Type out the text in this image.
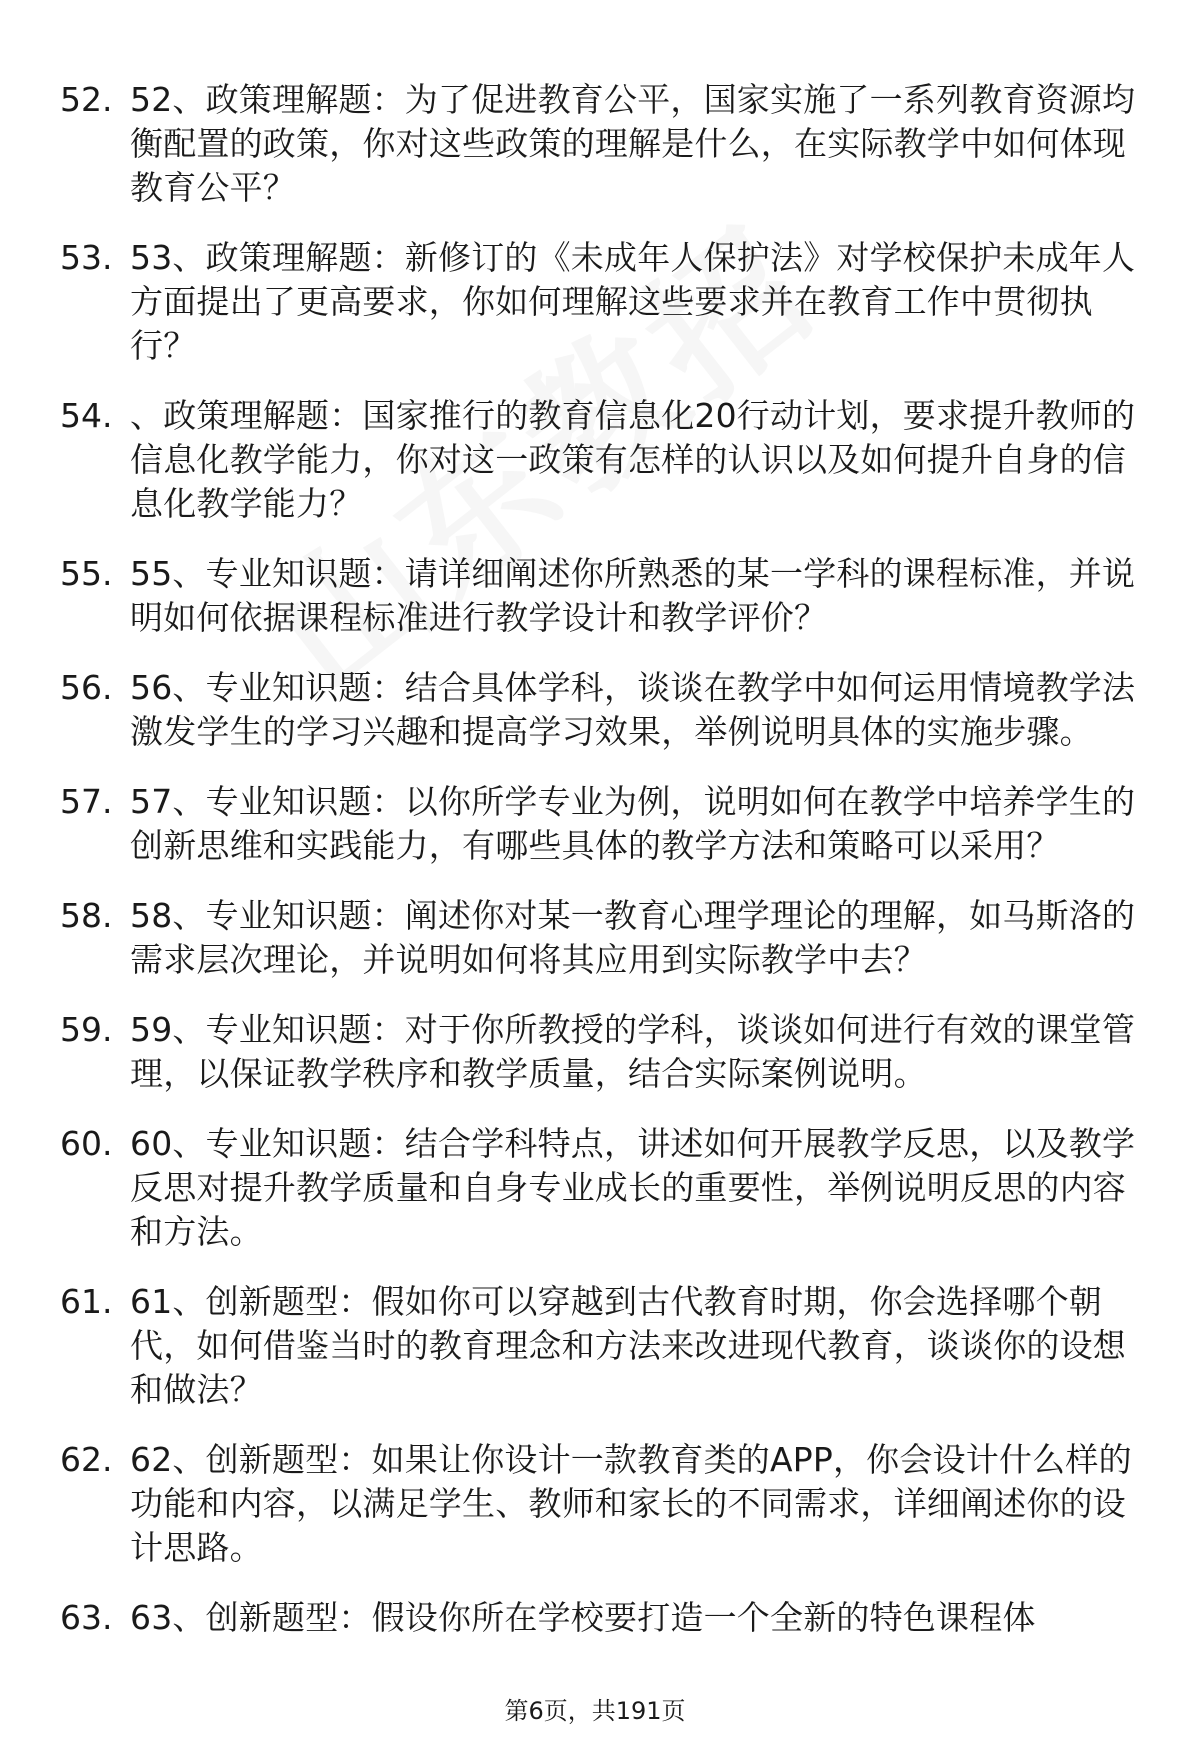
52. 52、政策理解题：为了促进教育公平，国家实施了一系列教育资源均衡配置的政策，你对这些政策的理解是什么，在实际教学中如何体现教育公平？
53. 53、政策理解题：新修订的《未成年人保护法》对学校保护未成年人方面提出了更高要求，你如何理解这些要求并在教育工作中贯彻执行？
54. 、政策理解题：国家推行的教育信息化20行动计划，要求提升教师的信息化教学能力，你对这一政策有怎样的认识以及如何提升自身的信息化教学能力？
55. 55、专业知识题：请详细阐述你所熟悉的某一学科的课程标准，并说明如何依据课程标准进行教学设计和教学评价？
56. 56、专业知识题：结合具体学科，谈谈在教学中如何运用情境教学法激发学生的学习兴趣和提高学习效果，举例说明具体的实施步骤。
57. 57、专业知识题：以你所学专业为例，说明如何在教学中培养学生的创新思维和实践能力，有哪些具体的教学方法和策略可以采用？
58. 58、专业知识题：阐述你对某一教育心理学理论的理解，如马斯洛的需求层次理论，并说明如何将其应用到实际教学中去？
59. 59、专业知识题：对于你所教授的学科，谈谈如何进行有效的课堂管理，以保证教学秩序和教学质量，结合实际案例说明。
60. 60、专业知识题：结合学科特点，讲述如何开展教学反思，以及教学反思对提升教学质量和自身专业成长的重要性，举例说明反思的内容和方法。
61. 61、创新题型：假如你可以穿越到古代教育时期，你会选择哪个朝代，如何借鉴当时的教育理念和方法来改进现代教育，谈谈你的设想和做法？
62. 62、创新题型：如果让你设计一款教育类的APP，你会设计什么样的功能和内容，以满足学生、教师和家长的不同需求，详细阐述你的设计思路。
63. 63、创新题型：假设你所在学校要打造一个全新的特色课程体
第6页，共191页
